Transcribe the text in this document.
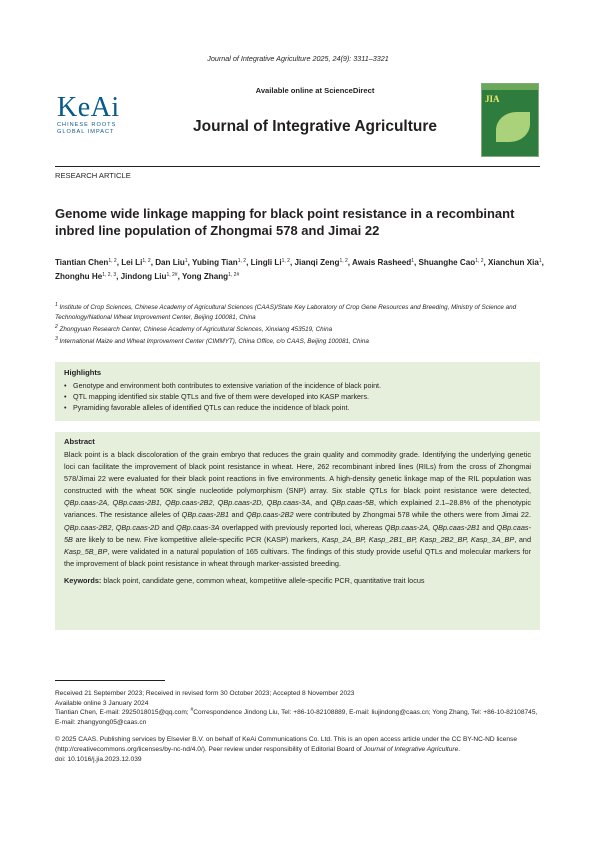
Journal of Integrative Agriculture 2025, 24(9): 3311–3321
KeAi
CHINESE ROOTS
GLOBAL IMPACT
Available online at ScienceDirect
Journal of Integrative Agriculture
JIA
RESEARCH ARTICLE
Genome wide linkage mapping for black point resistance in a recombinant inbred line population of Zhongmai 578 and Jimai 22
Tiantian Chen$^{1, 2}$, Lei Li$^{1, 2}$, Dan Liu$^1$, Yubing Tian$^{1, 2}$, Lingli Li$^{1, 2}$, Jianqi Zeng$^{1, 2}$, Awais Rasheed$^1$, Shuanghe Cao$^{1, 2}$, Xianchun Xia$^1$, Zhonghu He$^{1, 2, 3}$, Jindong Liu$^{1, 2\#}$, Yong Zhang$^{1, 2\#}$
$^1$ Institute of Crop Sciences, Chinese Academy of Agricultural Sciences (CAAS)/State Key Laboratory of Crop Gene Resources and Breeding, Ministry of Science and Technology/National Wheat Improvement Center, Beijing 100081, China
$^2$ Zhongyuan Research Center, Chinese Academy of Agricultural Sciences, Xinxiang 453519, China
$^3$ International Maize and Wheat Improvement Center (CIMMYT), China Office, c/o CAAS, Beijing 100081, China
Highlights
• Genotype and environment both contributes to extensive variation of the incidence of black point.
• QTL mapping identified six stable QTLs and five of them were developed into KASP markers.
• Pyramiding favorable alleles of identified QTLs can reduce the incidence of black point.
Abstract
Black point is a black discoloration of the grain embryo that reduces the grain quality and commodity grade. Identifying the underlying genetic loci can facilitate the improvement of black point resistance in wheat. Here, 262 recombinant inbred lines (RILs) from the cross of Zhongmai 578/Jimai 22 were evaluated for their black point reactions in five environments. A high-density genetic linkage map of the RIL population was constructed with the wheat 50K single nucleotide polymorphism (SNP) array. Six stable QTLs for black point resistance were detected, QBp.caas-2A, QBp.caas-2B1, QBp.caas-2B2, QBp.caas-2D, QBp.caas-3A, and QBp.caas-5B, which explained 2.1–28.8% of the phenotypic variances. The resistance alleles of QBp.caas-2B1 and QBp.caas-2B2 were contributed by Zhongmai 578 while the others were from Jimai 22. QBp.caas-2B2, QBp.caas-2D and QBp.caas-3A overlapped with previously reported loci, whereas QBp.caas-2A, QBp.caas-2B1 and QBp.caas-5B are likely to be new. Five kompetitive allele-specific PCR (KASP) markers, Kasp_2A_BP, Kasp_2B1_BP, Kasp_2B2_BP, Kasp_3A_BP, and Kasp_5B_BP, were validated in a natural population of 165 cultivars. The findings of this study provide useful QTLs and molecular markers for the improvement of black point resistance in wheat through marker-assisted breeding.
Keywords: black point, candidate gene, common wheat, kompetitive allele-specific PCR, quantitative trait locus
Received 21 September 2023; Received in revised form 30 October 2023; Accepted 8 November 2023
Available online 3 January 2024
Tiantian Chen, E-mail: 2925018015@qq.com; #Correspondence Jindong Liu, Tel: +86-10-82108889, E-mail: liujindong@caas.cn; Yong Zhang, Tel: +86-10-82108745, E-mail: zhangyong05@caas.cn
© 2025 CAAS. Publishing services by Elsevier B.V. on behalf of KeAi Communications Co. Ltd. This is an open access article under the CC BY-NC-ND license (http://creativecommons.org/licenses/by-nc-nd/4.0/). Peer review under responsibility of Editorial Board of Journal of Integrative Agriculture.
doi: 10.1016/j.jia.2023.12.039
